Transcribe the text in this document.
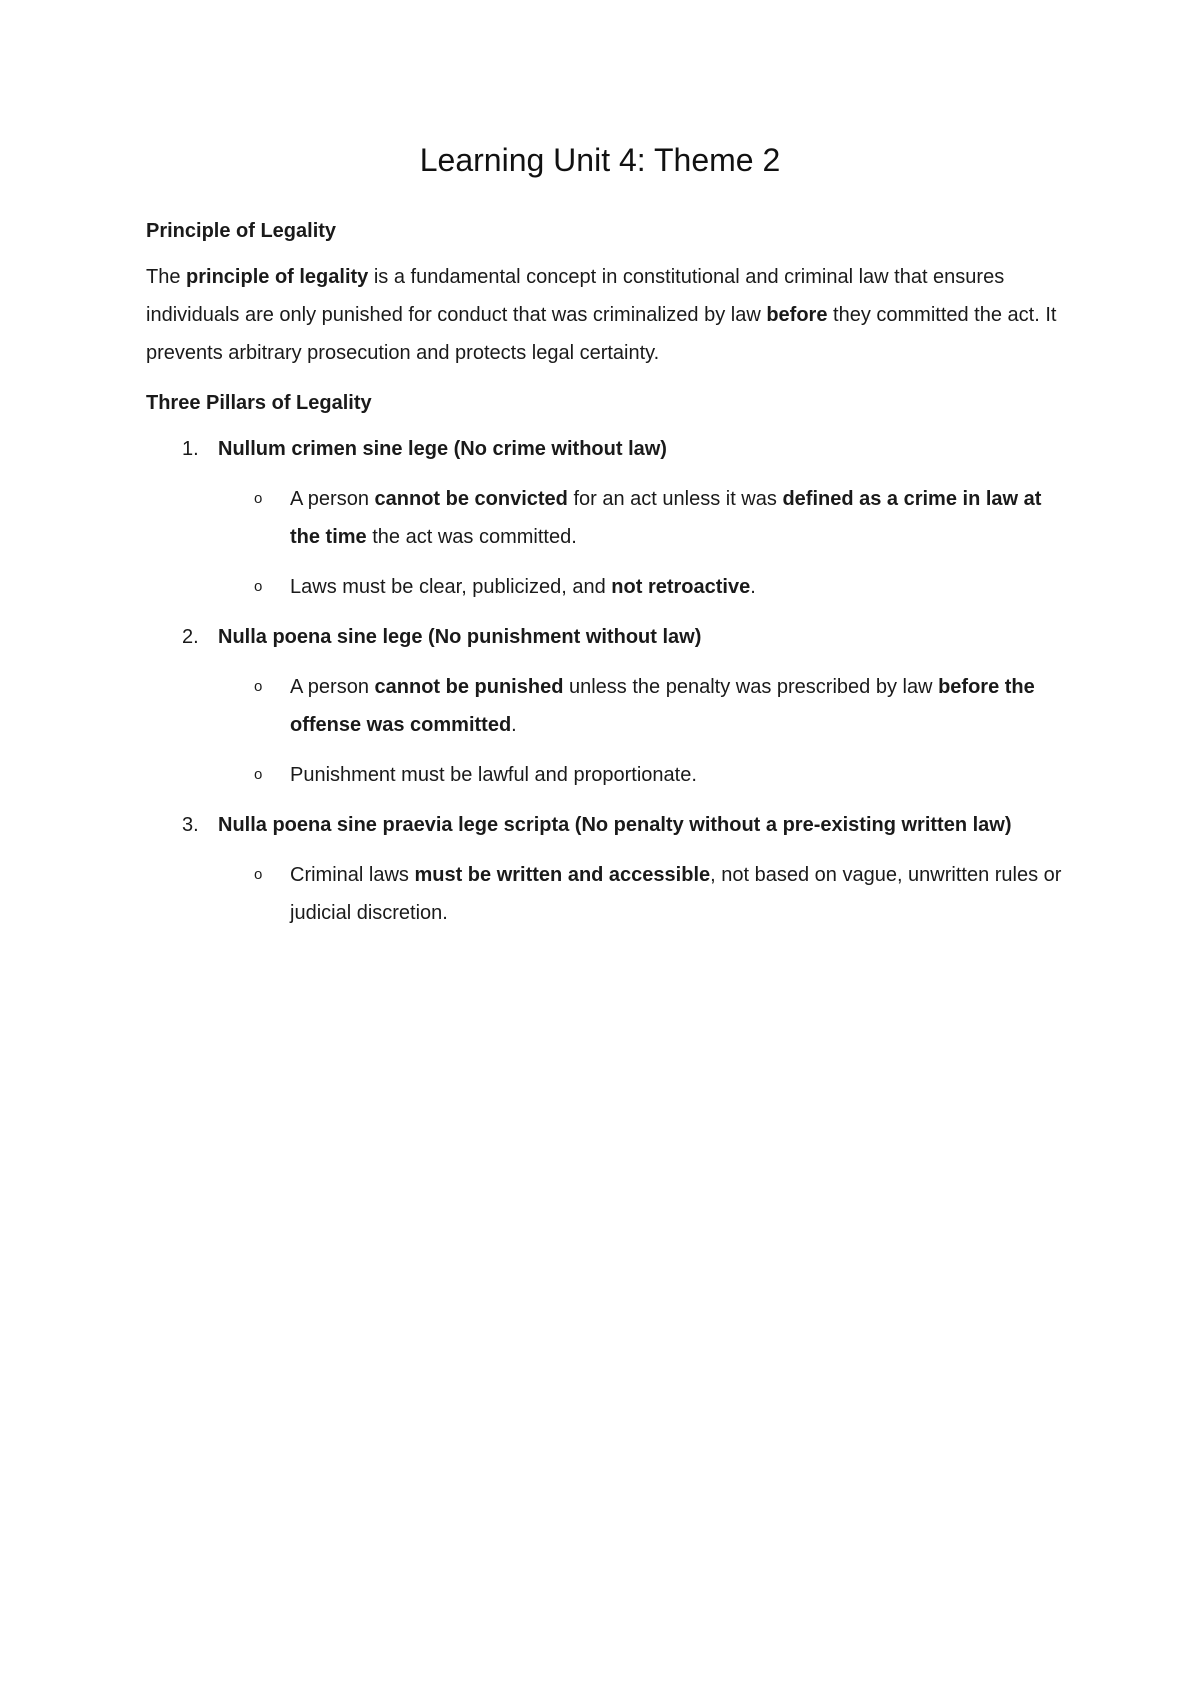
Learning Unit 4: Theme 2
Principle of Legality

The principle of legality is a fundamental concept in constitutional and criminal law that ensures individuals are only punished for conduct that was criminalized by law before they committed the act. It prevents arbitrary prosecution and protects legal certainty.

Three Pillars of Legality
1. Nullum crimen sine lege (No crime without law)
o A person cannot be convicted for an act unless it was defined as a crime in law at the time the act was committed.
o Laws must be clear, publicized, and not retroactive.
2. Nulla poena sine lege (No punishment without law)
o A person cannot be punished unless the penalty was prescribed by law before the offense was committed.
o Punishment must be lawful and proportionate.
3. Nulla poena sine praevia lege scripta (No penalty without a pre-existing written law)
o Criminal laws must be written and accessible, not based on vague, unwritten rules or judicial discretion.
